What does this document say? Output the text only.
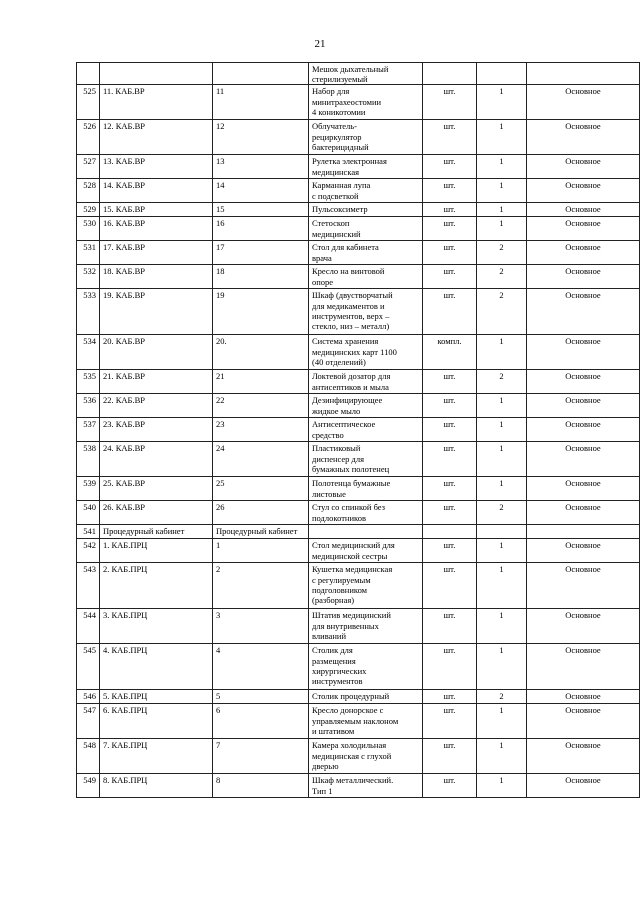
21
			Мешок дыхательный
стерилизуемый			
525	11. КАБ.ВР	11	Набор для
минитрахеостомии
4 коникотомии	шт.	1	Основное
526	12. КАБ.ВР	12	Облучатель-
рециркулятор
бактерицидный	шт.	1	Основное
527	13. КАБ.ВР	13	Рулетка электронная
медицинская	шт.	1	Основное
528	14. КАБ.ВР	14	Карманная лупа
с подсветкой	шт.	1	Основное
529	15. КАБ.ВР	15	Пульсоксиметр	шт.	1	Основное
530	16. КАБ.ВР	16	Стетоскоп
медицинский	шт.	1	Основное
531	17. КАБ.ВР	17	Стол для кабинета
врача	шт.	2	Основное
532	18. КАБ.ВР	18	Кресло на винтовой
опоре	шт.	2	Основное
533	19. КАБ.ВР	19	Шкаф (двустворчатый
для медикаментов и
инструментов, верх –
стекло, низ – металл)	шт.	2	Основное
534	20. КАБ.ВР	20.	Система хранения
медицинских карт 1100
(40 отделений)	компл.	1	Основное
535	21. КАБ.ВР	21	Локтевой дозатор для
антисептиков и мыла	шт.	2	Основное
536	22. КАБ.ВР	22	Дезинфицирующее
жидкое мыло	шт.	1	Основное
537	23. КАБ.ВР	23	Антисептическое
средство	шт.	1	Основное
538	24. КАБ.ВР	24	Пластиковый
диспенсер для
бумажных полотенец	шт.	1	Основное
539	25. КАБ.ВР	25	Полотенца бумажные
листовые	шт.	1	Основное
540	26. КАБ.ВР	26	Стул со спинкой без
подлокотников	шт.	2	Основное
541	Процедурный кабинет	Процедурный кабинет				
542	1. КАБ.ПРЦ	1	Стол медицинский для
медицинской сестры	шт.	1	Основное
543	2. КАБ.ПРЦ	2	Кушетка медицинская
с регулируемым
подголовником
(разборная)	шт.	1	Основное
544	3. КАБ.ПРЦ	3	Штатив медицинский
для внутривенных
вливаний	шт.	1	Основное
545	4. КАБ.ПРЦ	4	Столик для
размещения
хирургических
инструментов	шт.	1	Основное
546	5. КАБ.ПРЦ	5	Столик процедурный	шт.	2	Основное
547	6. КАБ.ПРЦ	6	Кресло донорское с
управляемым наклоном
и штативом	шт.	1	Основное
548	7. КАБ.ПРЦ	7	Камера холодильная
медицинская с глухой
дверью	шт.	1	Основное
549	8. КАБ.ПРЦ	8	Шкаф металлический.
Тип 1	шт.	1	Основное
